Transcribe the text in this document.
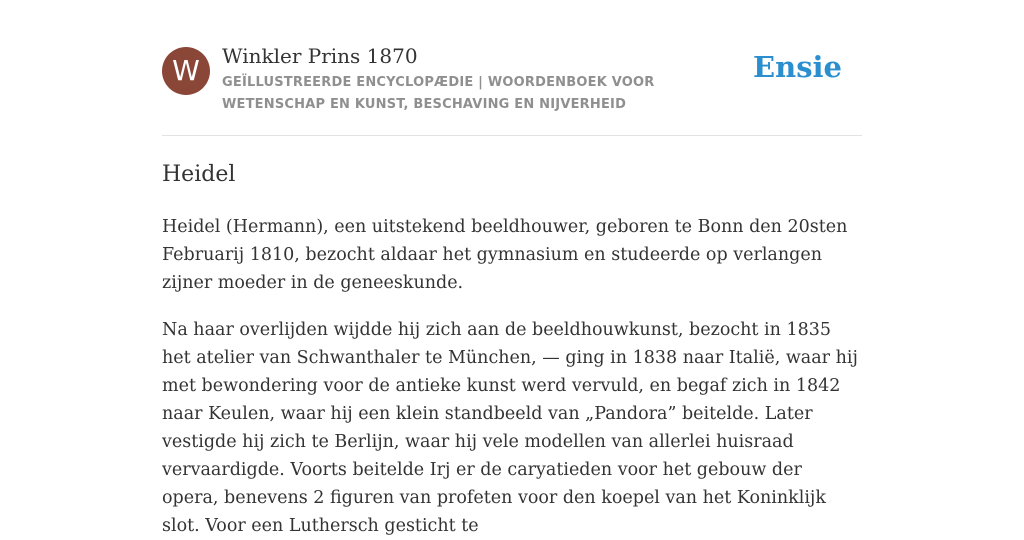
W	Winkler Prins 1870
GEÏLLUSTREERDE ENCYCLOPÆDIE | WOORDENBOEK VOOR WETENSCHAP EN KUNST, BESCHAVING EN NIJVERHEID
Ensie
Heidel

Heidel (Hermann), een uitstekend beeldhouwer, geboren te Bonn den 20sten Februarij 1810, bezocht aldaar het gymnasium en studeerde op verlangen zijner moeder in de geneeskunde.

Na haar overlijden wijdde hij zich aan de beeldhouwkunst, bezocht in 1835 het atelier van Schwanthaler te München, — ging in 1838 naar Italië, waar hij met bewondering voor de antieke kunst werd vervuld, en begaf zich in 1842 naar Keulen, waar hij een klein standbeeld van „Pandora” beitelde. Later vestigde hij zich te Berlijn, waar hij vele modellen van allerlei huisraad vervaardigde. Voorts beitelde Irj er de caryatieden voor het gebouw der opera, benevens 2 figuren van profeten voor den koepel van het Koninklijk slot. Voor een Luthersch gesticht te
